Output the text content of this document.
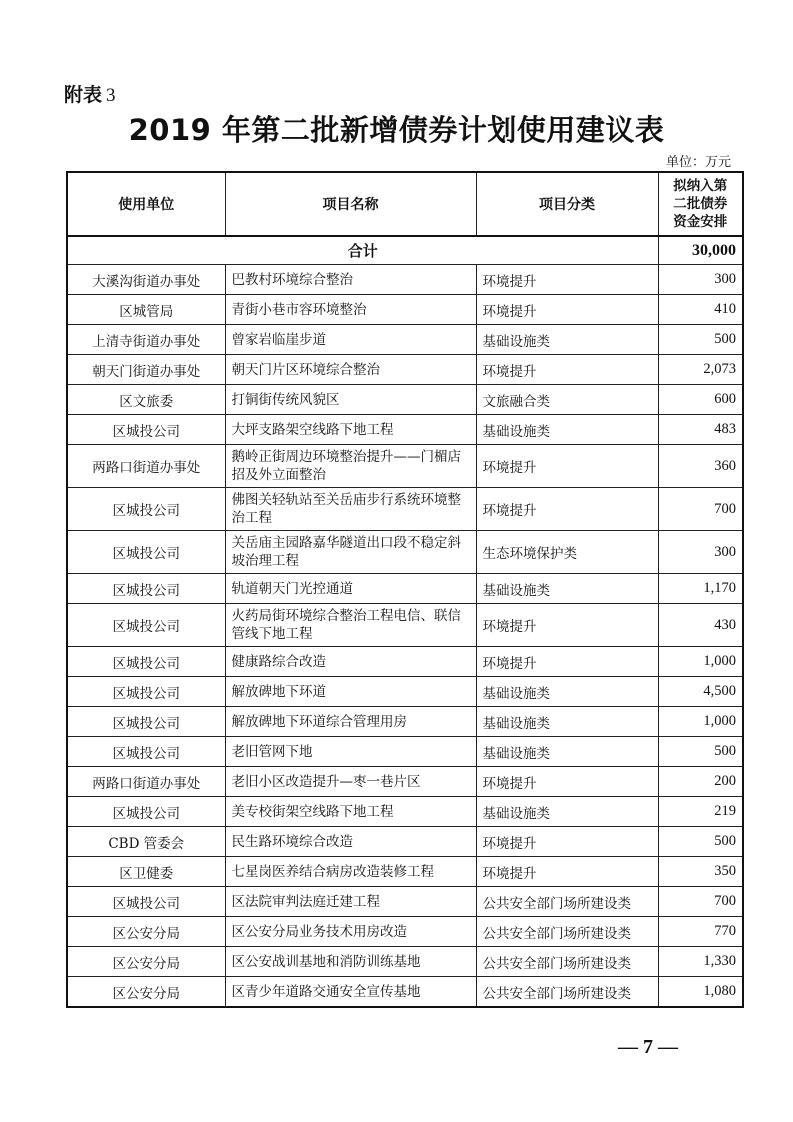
附表 3
2019 年第二批新增债券计划使用建议表
单位：万元
使用单位	项目名称	项目分类	拟纳入第
二批债券
资金安排
合计			30,000
大溪沟街道办事处	巴教村环境综合整治	环境提升	300
区城管局	青街小巷市容环境整治	环境提升	410
上清寺街道办事处	曾家岩临崖步道	基础设施类	500
朝天门街道办事处	朝天门片区环境综合整治	环境提升	2,073
区文旅委	打铜街传统风貌区	文旅融合类	600
区城投公司	大坪支路架空线路下地工程	基础设施类	483
两路口街道办事处	鹅岭正街周边环境整治提升——门楣店招及外立面整治	环境提升	360
区城投公司	佛图关轻轨站至关岳庙步行系统环境整治工程	环境提升	700
区城投公司	关岳庙主园路嘉华隧道出口段不稳定斜坡治理工程	生态环境保护类	300
区城投公司	轨道朝天门光控通道	基础设施类	1,170
区城投公司	火药局街环境综合整治工程电信、联信管线下地工程	环境提升	430
区城投公司	健康路综合改造	环境提升	1,000
区城投公司	解放碑地下环道	基础设施类	4,500
区城投公司	解放碑地下环道综合管理用房	基础设施类	1,000
区城投公司	老旧管网下地	基础设施类	500
两路口街道办事处	老旧小区改造提升—枣一巷片区	环境提升	200
区城投公司	美专校街架空线路下地工程	基础设施类	219
CBD 管委会	民生路环境综合改造	环境提升	500
区卫健委	七星岗医养结合病房改造装修工程	环境提升	350
区城投公司	区法院审判法庭迁建工程	公共安全部门场所建设类	700
区公安分局	区公安分局业务技术用房改造	公共安全部门场所建设类	770
区公安分局	区公安战训基地和消防训练基地	公共安全部门场所建设类	1,330
区公安分局	区青少年道路交通安全宣传基地	公共安全部门场所建设类	1,080
— 7 —
